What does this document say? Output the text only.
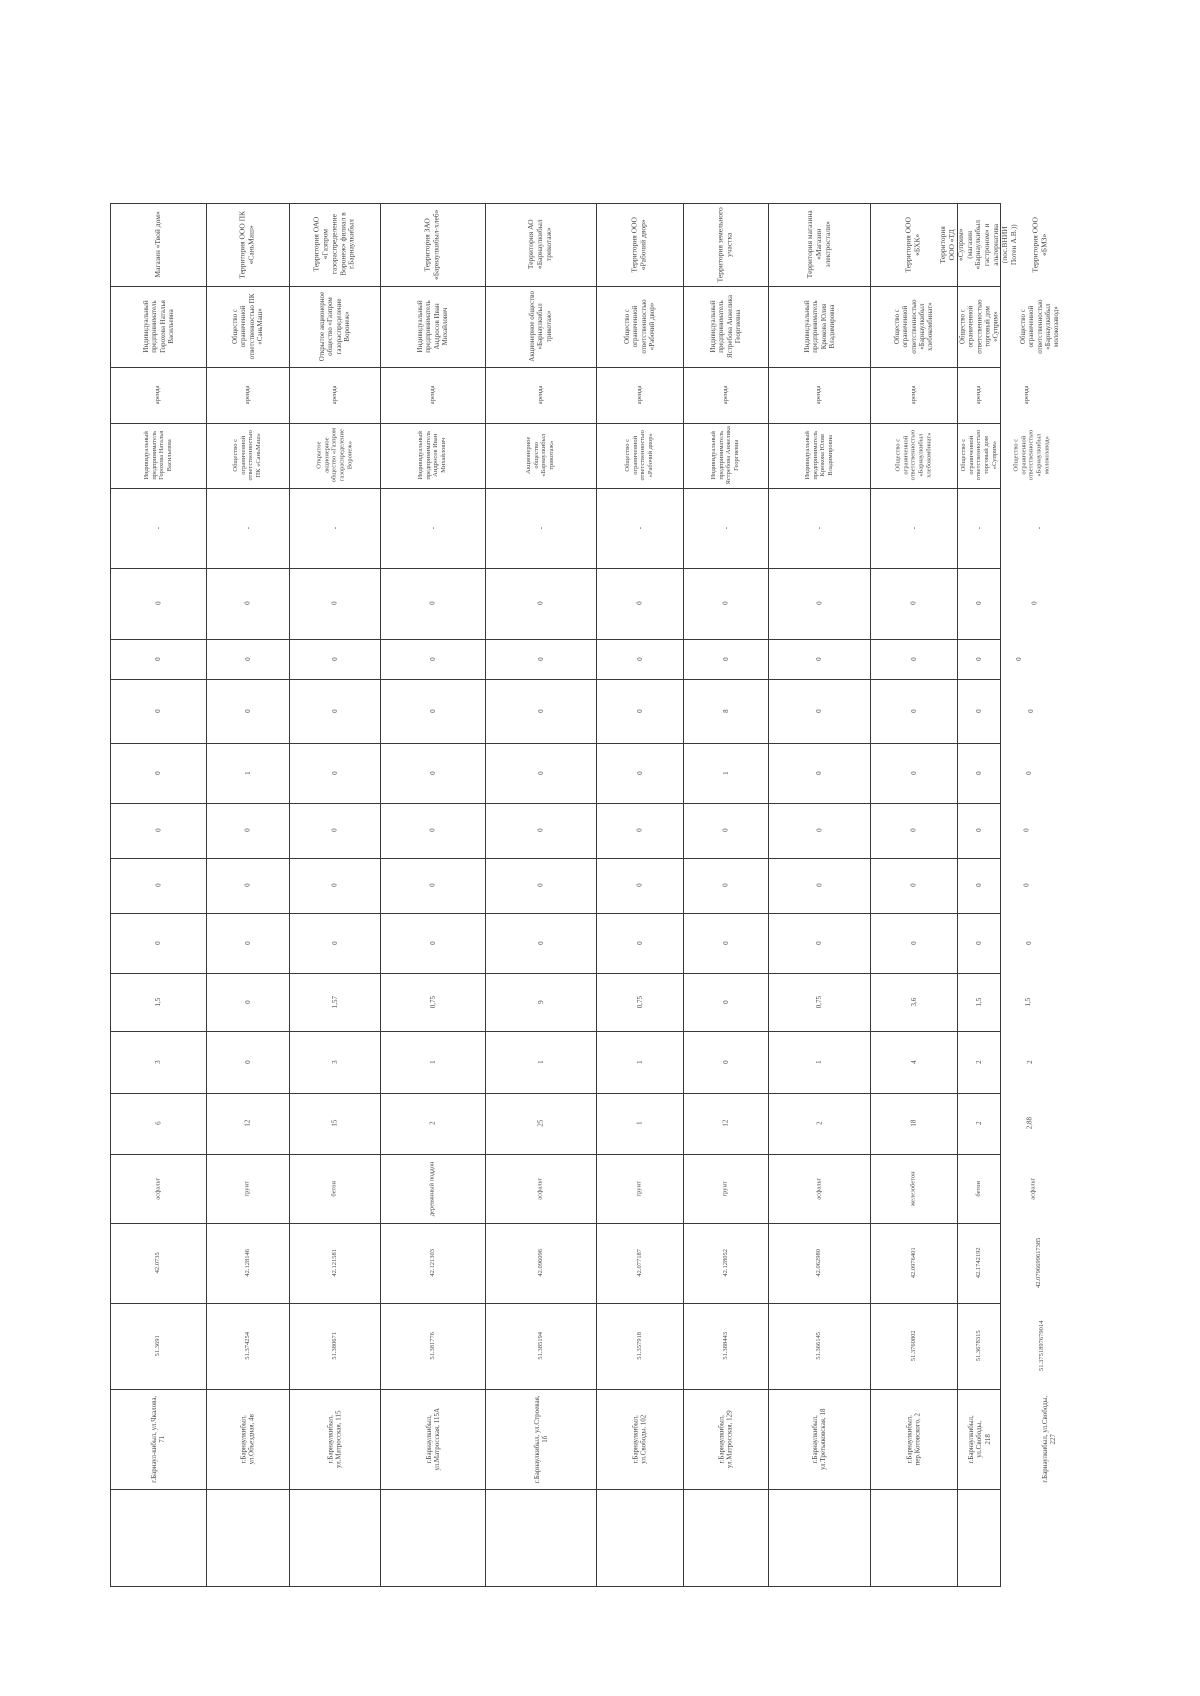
Магазин «Твой дом»
Индивидуальный предприниматель Горохова Наталья Васильевна
аренда
Индивидуальный предприниматель Горохова Наталья Васильевна
-
0
0
0
0
0
0
0
1,5
3
6
асфальт
42.0735
51.3691
г.Барнаул-кибыл, ул.Чкалова, 71
Территория ООО ПК «СаньМаш»
Общество с ограниченной ответственностью ПК «СаньМаш»
аренда
Общество с ограниченной ответственностью ПК «СаньМаш»
-
0
0
0
1
0
0
0
0
0
12
грунт
42.128146
51.374254
г.Барнаулкибыл, ул.Объездная, 4в
Территория ОАО «Газпром газораспределение Воронеж» филиал в г.Барнаулкибыл
Открытое акционерное общество «Газпром газораспределение Воронеж»
аренда
Открытое акционерное общество «Газпром газораспределение Воронеж»
-
0
0
0
0
0
0
0
1,57
3
15
бетон
42.121581
51.380671
г.Барнаулкибыл, ул.Матросская, 115
Территория ЗАО «Барнаулкибыл-хлеб»
Индивидуальный предприниматель Андросов Иван Михайлович
аренда
Индивидуальный предприниматель Андросов Иван Михайлович
-
0
0
0
0
0
0
0
0,75
1
2
деревянный поддон
42.121303
51.381776
г.Барнаулкибыл, ул.Матросская, 115А
Территория АО «Барнаулкибыл трикотаж»
Акционерное общество «Барнаулкибыл трикотаж»
аренда
Акционерное общество «Барнаулкибыл трикотаж»
-
0
0
0
0
0
0
0
9
1
25
асфальт
42.096096
51.385194
г.Барнаулкибыл, ул.Строевая, 1б
Территория ООО «Рабочий двор»
Общество с ограниченной ответственностью «Рабочий двор»
аренда
Общество с ограниченной ответственностью «Рабочий двор»
-
0
0
0
0
0
0
0
0,75
1
1
грунт
42.077187
51.357918
г.Барнаулкибыл, ул.Свободы, 102
Территория земельного участка
Индивидуальный предприниматель Ястребова Анжелика Георгиевна
аренда
Индивидуальный предприниматель Ястребова Анжелика Георгиевна
-
0
0
8
1
0
0
0
0
0
12
грунт
42.128052
51.388443
г.Барнаулкибыл, ул.Матросская, 129
Территория магазина «Магазин электростали»
Индивидуальный предприниматель Крюкова Юлия Владимировна
аренда
Индивидуальный предприниматель Крюкова Юлия Владимировна
-
0
0
0
0
0
0
0
0,75
1
2
асфальт
42.062980
51.366145
г.Барнаулкибыл, ул.Третьяковская, 18
Территория ООО «БХК»
Общество с ограниченной ответственностью «Барнаулкибыл хлебокомбинат»
аренда
Общество с ограниченной ответственностью «Барнаулкибыл хлебокомбинат»
-
0
0
0
0
0
0
0
3,6
4
18
железобетон
42.0976401
51.3760802
г.Барнаулкибыл, пер.Котовского, 2
Территория ООО «ТД «Суприм» (магазин «Барнаулкибыл гастроном» и альтернатива (пос.ВНИИ Потен А.В.))
Общество с ограниченной ответственностью торговый дом «Суприм»
аренда
Общество с ограниченной ответственностью торговый дом «Суприм»
-
0
0
0
0
0
0
0
1,5
2
2
бетон
42.1742192
51.3678315
г.Барнаулкибыл, ул.Свободы, 218
Территория ООО «БМЗ»
Общество с ограниченной ответственностью «Барнаулкибыл молокозавод»
аренда
Общество с ограниченной ответственностью «Барнаулкибыл молокозавод»
-
0
0
0
0
0
0
0
1,5
2
2,88
асфальт
42.0796699617385
51.3751897679014
г.Барнаулкибыл, ул.Свободы, 227
